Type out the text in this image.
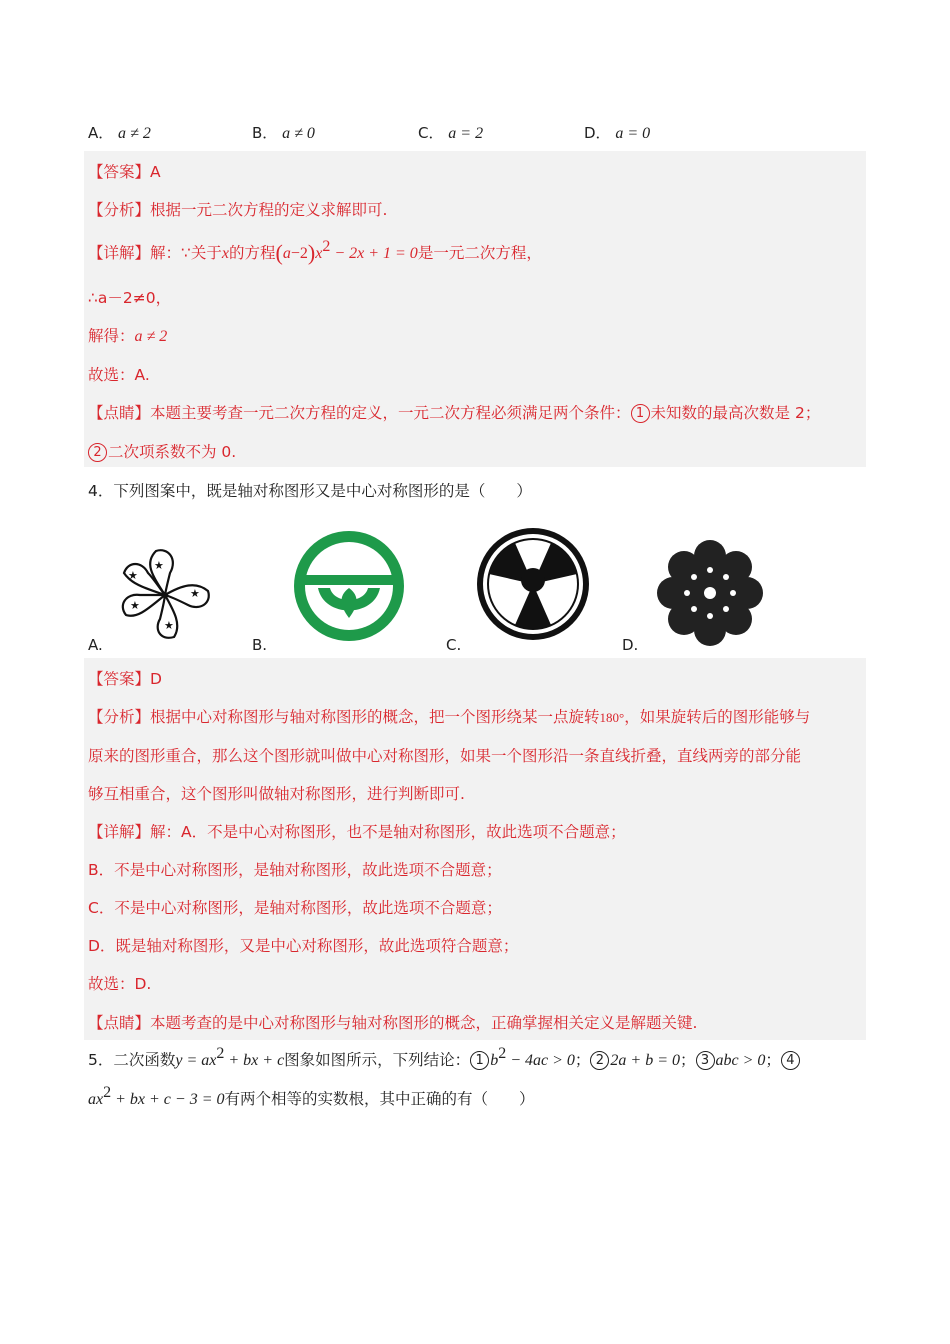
A． a ≠ 2	B． a ≠ 0	C． a = 2	D． a = 0
【答案】A
【分析】根据一元二次方程的定义求解即可.
【详解】解：∵关于x的方程$(a-2)x^2 - 2x + 1 = 0$是一元二次方程，
∴a－2≠0，
解得：a ≠ 2
故选：A.
【点睛】本题主要考查一元二次方程的定义，一元二次方程必须满足两个条件： 1 未知数的最高次数是 2；
2 二次项系数不为 0.
4．下列图案中，既是轴对称图形又是中心对称图形的是（　　）
★
★
★
★
★
A.	B.	C.	D.
【答案】D
【分析】根据中心对称图形与轴对称图形的概念，把一个图形绕某一点旋转180°，如果旋转后的图形能够与
原来的图形重合，那么这个图形就叫做中心对称图形，如果一个图形沿一条直线折叠，直线两旁的部分能
够互相重合，这个图形叫做轴对称图形，进行判断即可.
【详解】解：A．不是中心对称图形，也不是轴对称图形，故此选项不合题意；
B．不是中心对称图形，是轴对称图形，故此选项不合题意；
C．不是中心对称图形，是轴对称图形，故此选项不合题意；
D．既是轴对称图形，又是中心对称图形，故此选项符合题意；
故选：D.
【点睛】本题考查的是中心对称图形与轴对称图形的概念，正确掌握相关定义是解题关键.
5．二次函数$y = ax^2$ + bx + c图象如图所示，下列结论： 1 $b^2 - 4ac > 0$； 2 2a + b = 0； 3 abc > 0； 4
$ax^2$ + bx + c − 3 = 0有两个相等的实数根，其中正确的有（　　）
